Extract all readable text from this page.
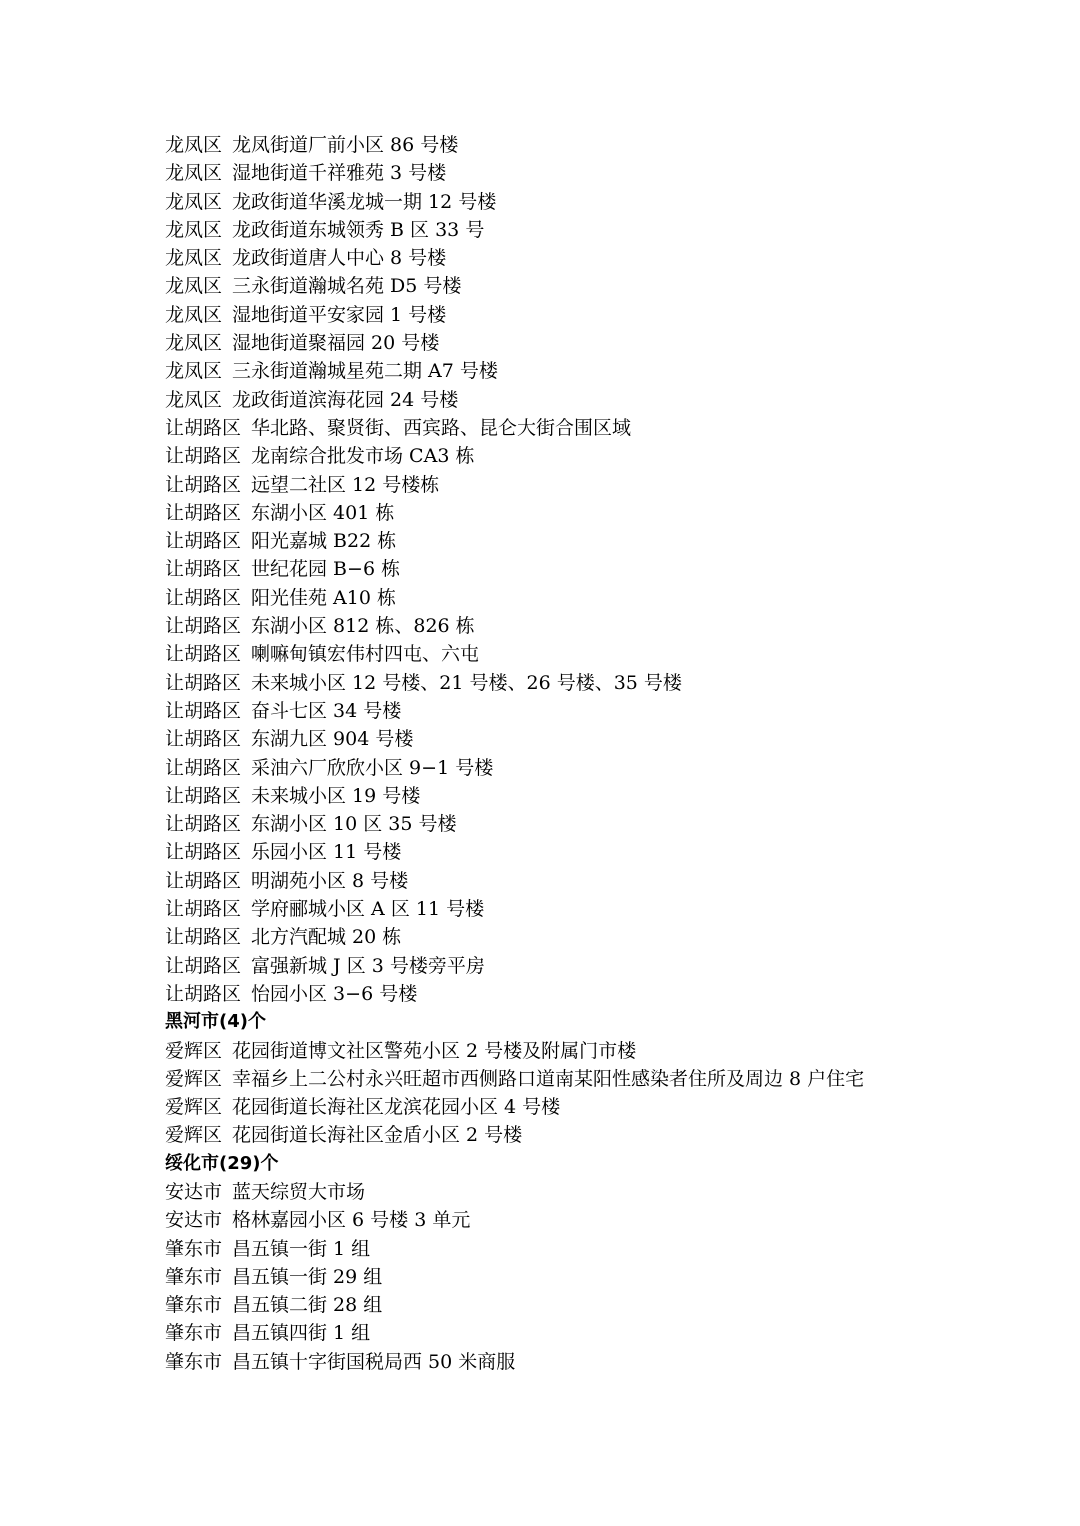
龙凤区 龙凤街道厂前小区 86 号楼
龙凤区 湿地街道千祥雅苑 3 号楼
龙凤区 龙政街道华溪龙城一期 12 号楼
龙凤区 龙政街道东城领秀 B 区 33 号
龙凤区 龙政街道唐人中心 8 号楼
龙凤区 三永街道瀚城名苑 D5 号楼
龙凤区 湿地街道平安家园 1 号楼
龙凤区 湿地街道聚福园 20 号楼
龙凤区 三永街道瀚城星苑二期 A7 号楼
龙凤区 龙政街道滨海花园 24 号楼
让胡路区 华北路、聚贤街、西宾路、昆仑大街合围区域
让胡路区 龙南综合批发市场 CA3 栋
让胡路区 远望二社区 12 号楼栋
让胡路区 东湖小区 401 栋
让胡路区 阳光嘉城 B22 栋
让胡路区 世纪花园 B−6 栋
让胡路区 阳光佳苑 A10 栋
让胡路区 东湖小区 812 栋、826 栋
让胡路区 喇嘛甸镇宏伟村四屯、六屯
让胡路区 未来城小区 12 号楼、21 号楼、26 号楼、35 号楼
让胡路区 奋斗七区 34 号楼
让胡路区 东湖九区 904 号楼
让胡路区 采油六厂欣欣小区 9−1 号楼
让胡路区 未来城小区 19 号楼
让胡路区 东湖小区 10 区 35 号楼
让胡路区 乐园小区 11 号楼
让胡路区 明湖苑小区 8 号楼
让胡路区 学府郦城小区 A 区 11 号楼
让胡路区 北方汽配城 20 栋
让胡路区 富强新城 J 区 3 号楼旁平房
让胡路区 怡园小区 3−6 号楼
黑河市(4)个
爱辉区 花园街道博文社区警苑小区 2 号楼及附属门市楼
爱辉区 幸福乡上二公村永兴旺超市西侧路口道南某阳性感染者住所及周边 8 户住宅
爱辉区 花园街道长海社区龙滨花园小区 4 号楼
爱辉区 花园街道长海社区金盾小区 2 号楼
绥化市(29)个
安达市 蓝天综贸大市场
安达市 格林嘉园小区 6 号楼 3 单元
肇东市 昌五镇一街 1 组
肇东市 昌五镇一街 29 组
肇东市 昌五镇二街 28 组
肇东市 昌五镇四街 1 组
肇东市 昌五镇十字街国税局西 50 米商服
